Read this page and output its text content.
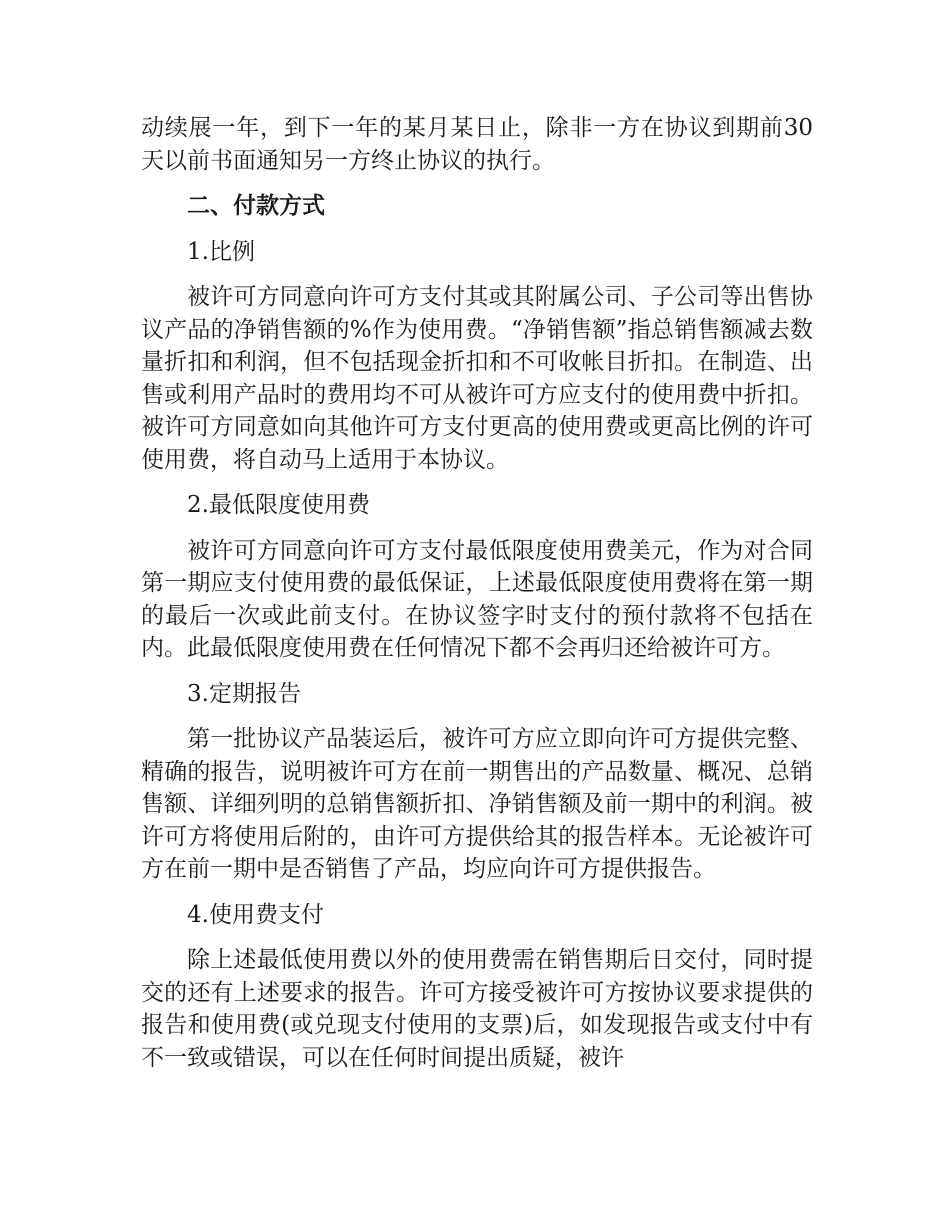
动续展一年，到下一年的某月某日止，除非一方在协议到期前30天以前书面通知另一方终止协议的执行。

二、付款方式

1.比例

被许可方同意向许可方支付其或其附属公司、子公司等出售协议产品的净销售额的%作为使用费。“净销售额”指总销售额减去数量折扣和利润，但不包括现金折扣和不可收帐目折扣。在制造、出售或利用产品时的费用均不可从被许可方应支付的使用费中折扣。被许可方同意如向其他许可方支付更高的使用费或更高比例的许可使用费，将自动马上适用于本协议。

2.最低限度使用费

被许可方同意向许可方支付最低限度使用费美元，作为对合同第一期应支付使用费的最低保证，上述最低限度使用费将在第一期的最后一次或此前支付。在协议签字时支付的预付款将不包括在内。此最低限度使用费在任何情况下都不会再归还给被许可方。

3.定期报告

第一批协议产品装运后，被许可方应立即向许可方提供完整、精确的报告，说明被许可方在前一期售出的产品数量、概况、总销售额、详细列明的总销售额折扣、净销售额及前一期中的利润。被许可方将使用后附的，由许可方提供给其的报告样本。无论被许可方在前一期中是否销售了产品，均应向许可方提供报告。

4.使用费支付

除上述最低使用费以外的使用费需在销售期后日交付，同时提交的还有上述要求的报告。许可方接受被许可方按协议要求提供的报告和使用费(或兑现支付使用的支票)后，如发现报告或支付中有不一致或错误，可以在任何时间提出质疑，被许
